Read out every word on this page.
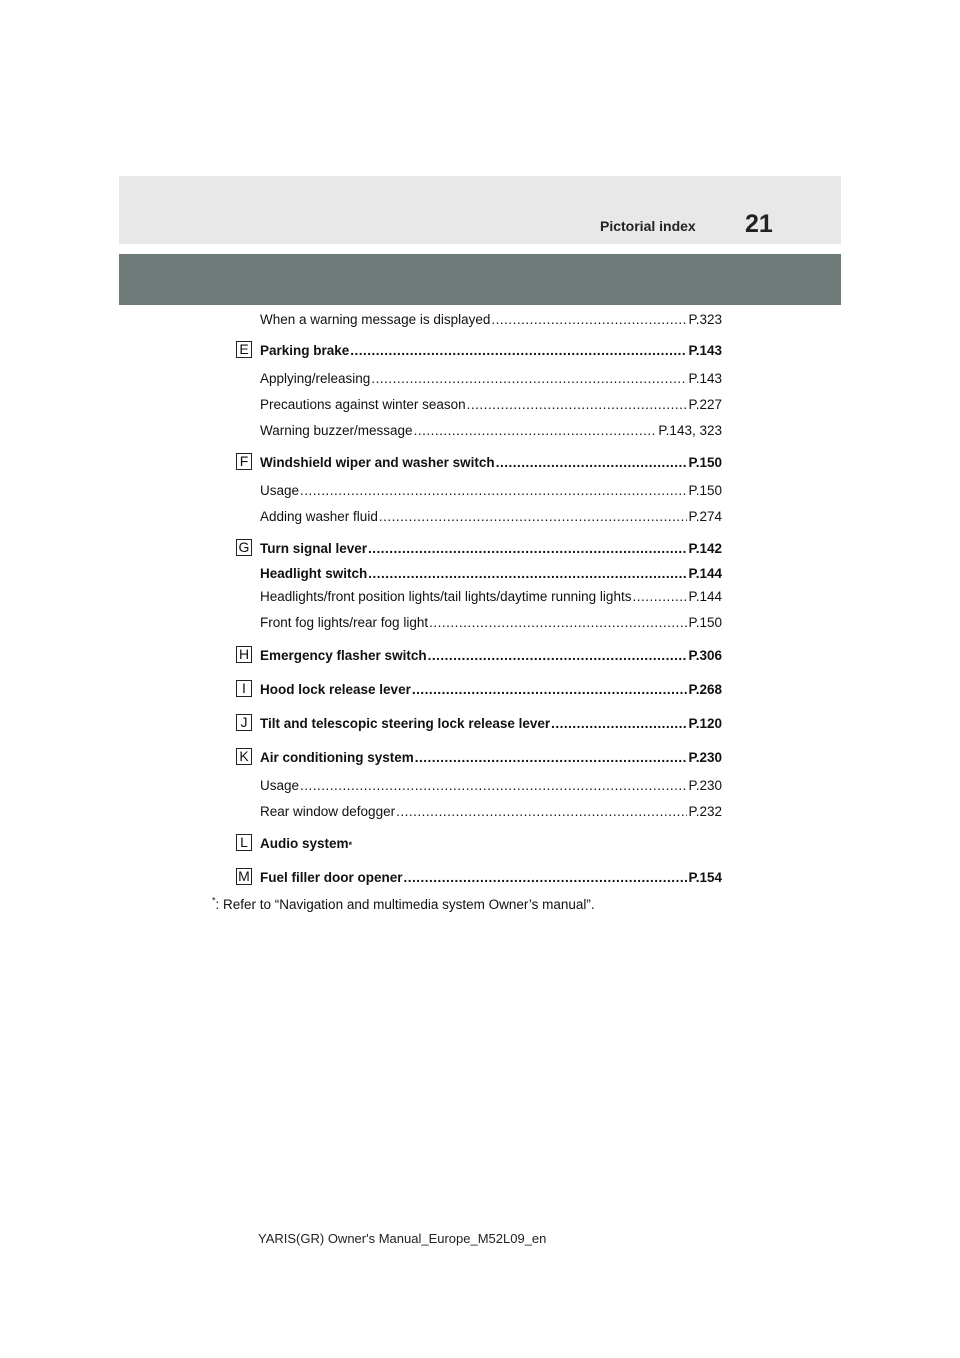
Pictorial index 21
When a warning message is displayed .....	P.323
E Parking brake .....	P.143
Applying/releasing .....	P.143
Precautions against winter season .....	P.227
Warning buzzer/message .....	P.143, 323
F Windshield wiper and washer switch .....	P.150
Usage .....	P.150
Adding washer fluid .....	P.274
G Turn signal lever .....	P.142
Headlight switch .....	P.144
Headlights/front position lights/tail lights/daytime running lights .....	P.144
Front fog lights/rear fog light .....	P.150
H Emergency flasher switch .....	P.306
I	Hood lock release lever .....	P.268
J Tilt and telescopic steering lock release lever .....	P.120
K Air conditioning system .....	P.230
Usage .....	P.230
Rear window defogger .....	P.232
L Audio system *
M Fuel filler door opener .....	P.154
*: Refer to “Navigation and multimedia system Owner’s manual”.
YARIS(GR) Owner's Manual_Europe_M52L09_en
